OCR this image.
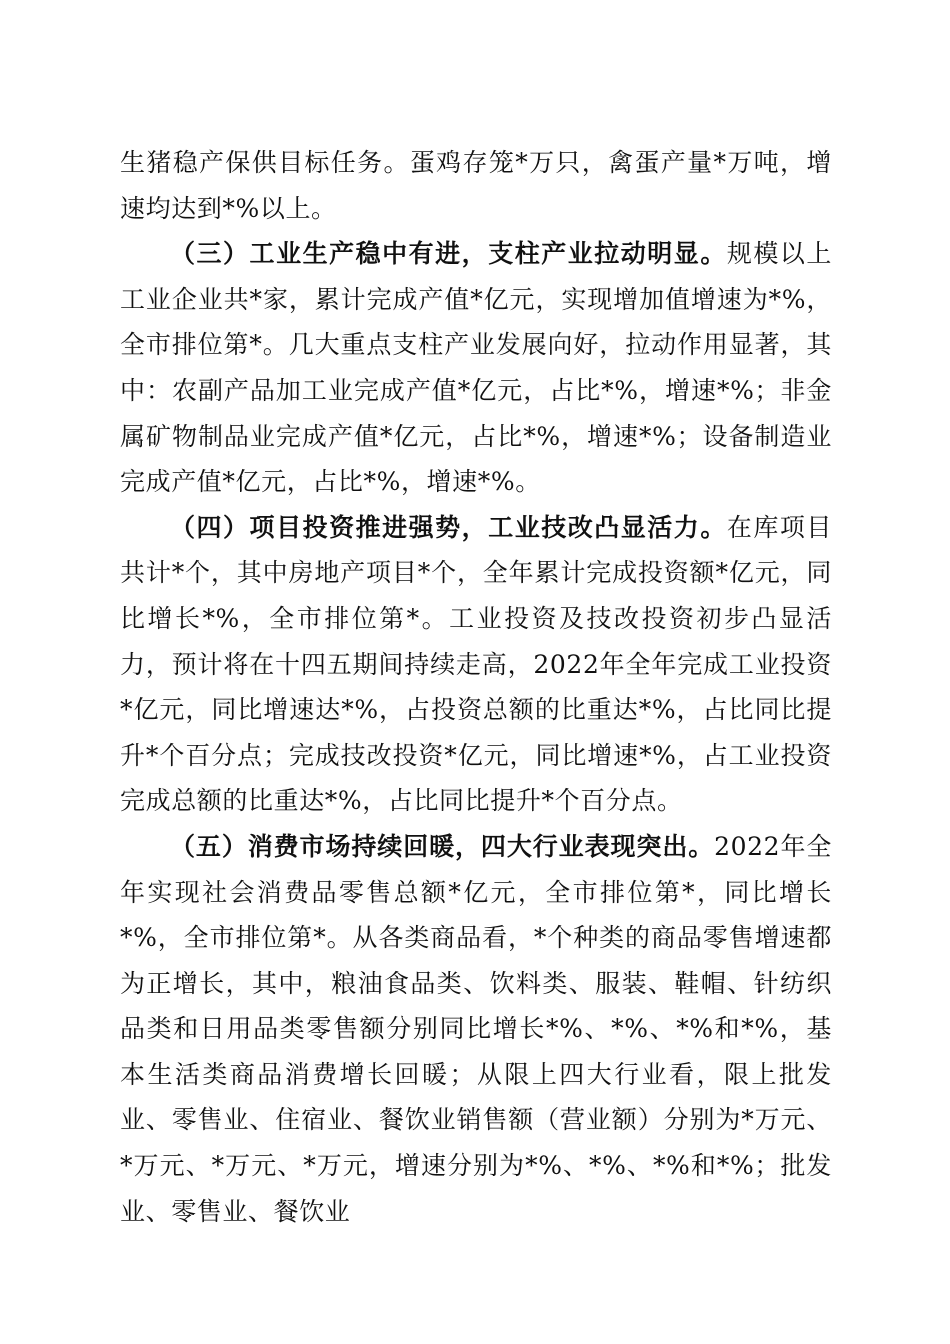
生猪稳产保供目标任务。蛋鸡存笼*万只，禽蛋产量*万吨，增速均达到*%以上。

（三）工业生产稳中有进，支柱产业拉动明显。规模以上工业企业共*家，累计完成产值*亿元，实现增加值增速为*%，全市排位第*。几大重点支柱产业发展向好，拉动作用显著，其中：农副产品加工业完成产值*亿元，占比*%，增速*%；非金属矿物制品业完成产值*亿元，占比*%，增速*%；设备制造业完成产值*亿元，占比*%，增速*%。

（四）项目投资推进强势，工业技改凸显活力。在库项目共计*个，其中房地产项目*个，全年累计完成投资额*亿元，同比增长*%，全市排位第*。工业投资及技改投资初步凸显活力，预计将在十四五期间持续走高，2022年全年完成工业投资*亿元，同比增速达*%，占投资总额的比重达*%，占比同比提升*个百分点；完成技改投资*亿元，同比增速*%，占工业投资完成总额的比重达*%，占比同比提升*个百分点。

（五）消费市场持续回暖，四大行业表现突出。2022年全年实现社会消费品零售总额*亿元，全市排位第*，同比增长*%，全市排位第*。从各类商品看，*个种类的商品零售增速都为正增长，其中，粮油食品类、饮料类、服装、鞋帽、针纺织品类和日用品类零售额分别同比增长*%、*%、*%和*%，基本生活类商品消费增长回暖；从限上四大行业看，限上批发业、零售业、住宿业、餐饮业销售额（营业额）分别为*万元、*万元、*万元、*万元，增速分别为*%、*%、*%和*%；批发业、零售业、餐饮业
